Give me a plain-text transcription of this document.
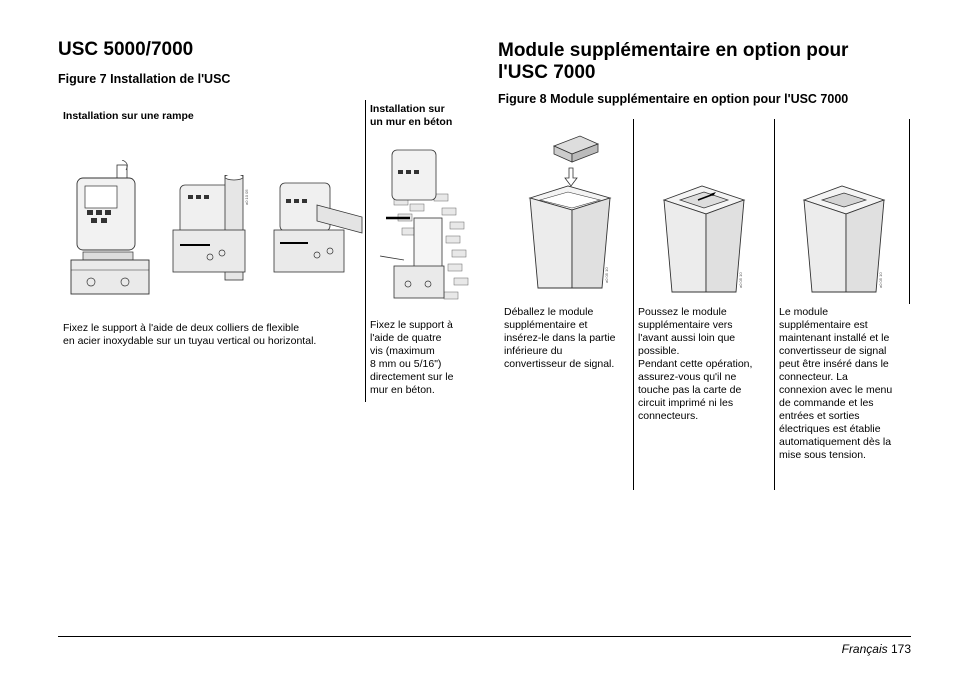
USC 5000/7000
Figure 7 Installation de l'USC
Installation sur une rampe
a0 10 05
Fixez le support à l'aide de deux colliers de flexible
en acier inoxydable sur un tuyau vertical ou horizontal.
Installation sur
un mur en béton
Fixez le support à
l'aide de quatre
vis (maximum
8 mm ou 5/16")
directement sur le
mur en béton.
Module supplémentaire en option pour
l'USC 7000
Figure 8 Module supplémentaire en option pour l'USC 7000
a0 05 10	a0 05 10	a0 05 10
Déballez le module
supplémentaire et
insérez-le dans la partie
inférieure du
convertisseur de signal.
Poussez le module
supplémentaire vers
l'avant aussi loin que
possible.
Pendant cette opération,
assurez-vous qu'il ne
touche pas la carte de
circuit imprimé ni les
connecteurs.
Le module
supplémentaire est
maintenant installé et le
convertisseur de signal
peut être inséré dans le
connecteur. La
connexion avec le menu
de commande et les
entrées et sorties
électriques est établie
automatiquement dès la
mise sous tension.
Français 173
